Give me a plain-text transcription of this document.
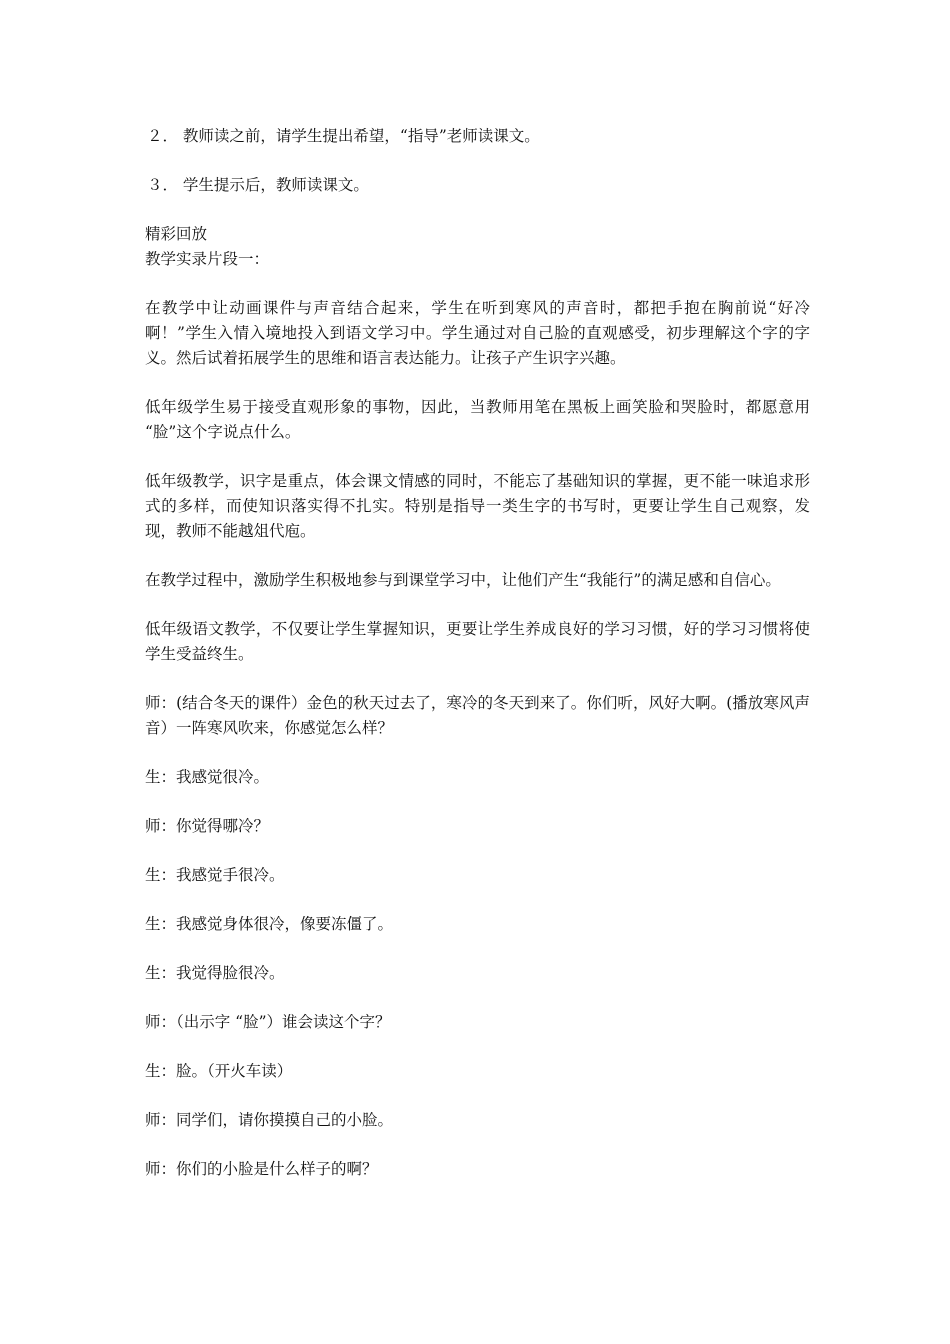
２． 教师读之前，请学生提出希望，“指导”老师读课文。

３． 学生提示后，教师读课文。

精彩回放

教学实录片段一：

在教学中让动画课件与声音结合起来，学生在听到寒风的声音时，都把手抱在胸前说“好冷啊！”学生入情入境地投入到语文学习中。学生通过对自己脸的直观感受，初步理解这个字的字义。然后试着拓展学生的思维和语言表达能力。让孩子产生识字兴趣。

低年级学生易于接受直观形象的事物，因此，当教师用笔在黑板上画笑脸和哭脸时，都愿意用 “脸”这个字说点什么。

低年级教学，识字是重点，体会课文情感的同时，不能忘了基础知识的掌握，更不能一味追求形式的多样，而使知识落实得不扎实。特别是指导一类生字的书写时，更要让学生自己观察，发现，教师不能越俎代庖。

在教学过程中，激励学生积极地参与到课堂学习中，让他们产生“我能行”的满足感和自信心。

低年级语文教学，不仅要让学生掌握知识，更要让学生养成良好的学习习惯，好的学习习惯将使学生受益终生。

师：(结合冬天的课件）金色的秋天过去了，寒冷的冬天到来了。你们听，风好大啊。(播放寒风声音）一阵寒风吹来，你感觉怎么样？

生：我感觉很冷。

师：你觉得哪冷？

生：我感觉手很冷。

生：我感觉身体很冷，像要冻僵了。

生：我觉得脸很冷。

师：（出示字 “脸”）谁会读这个字？

生：脸。（开火车读）

师：同学们，请你摸摸自己的小脸。

师：你们的小脸是什么样子的啊？
